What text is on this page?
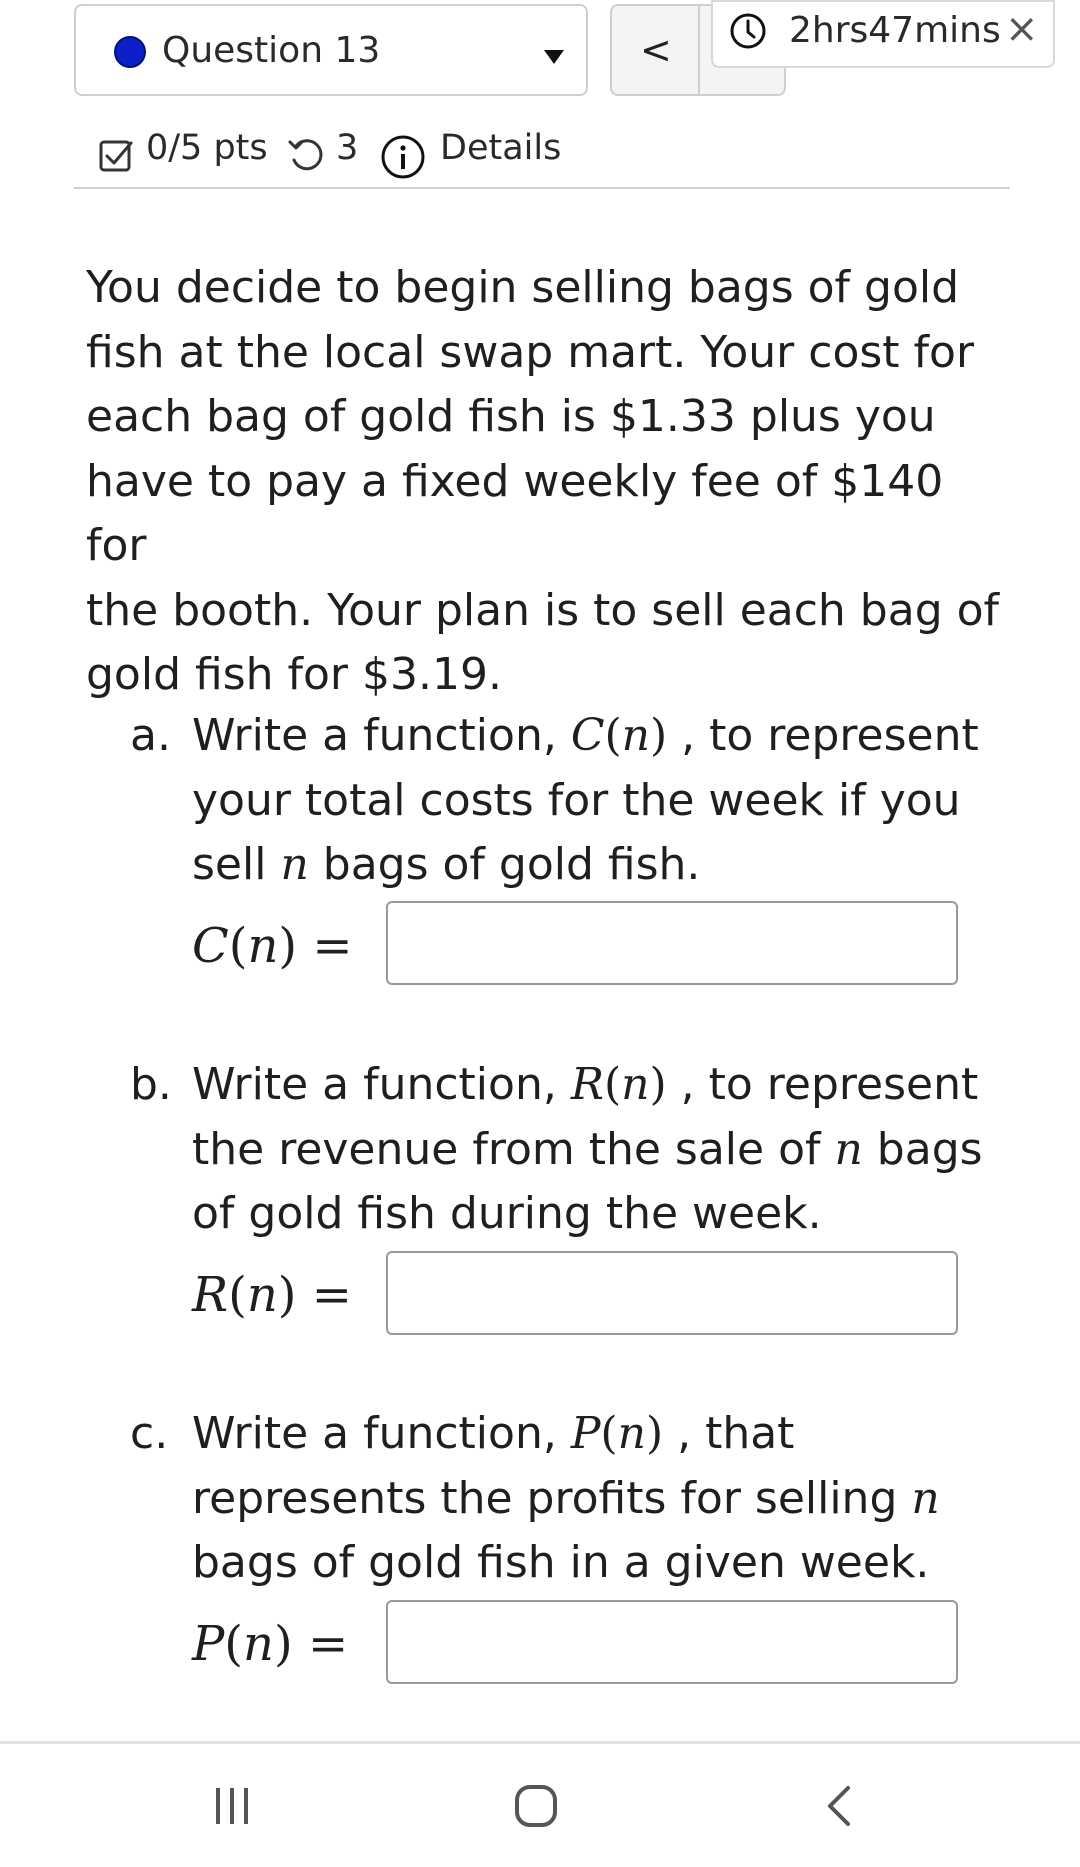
Question 13	<	2hrs47mins ×
0/5 pts 3 Details
You decide to begin selling bags of gold
fish at the local swap mart. Your cost for
each bag of gold fish is $1.33 plus you
have to pay a fixed weekly fee of $140 for
the booth. Your plan is to sell each bag of
gold fish for $3.19.
a. Write a function, C(n) , to represent
your total costs for the week if you
sell n bags of gold fish.
C(n) =
b. Write a function, R(n) , to represent
the revenue from the sale of n bags
of gold fish during the week.
R(n) =
c. Write a function, P(n) , that
represents the profits for selling n
bags of gold fish in a given week.
P(n) =
